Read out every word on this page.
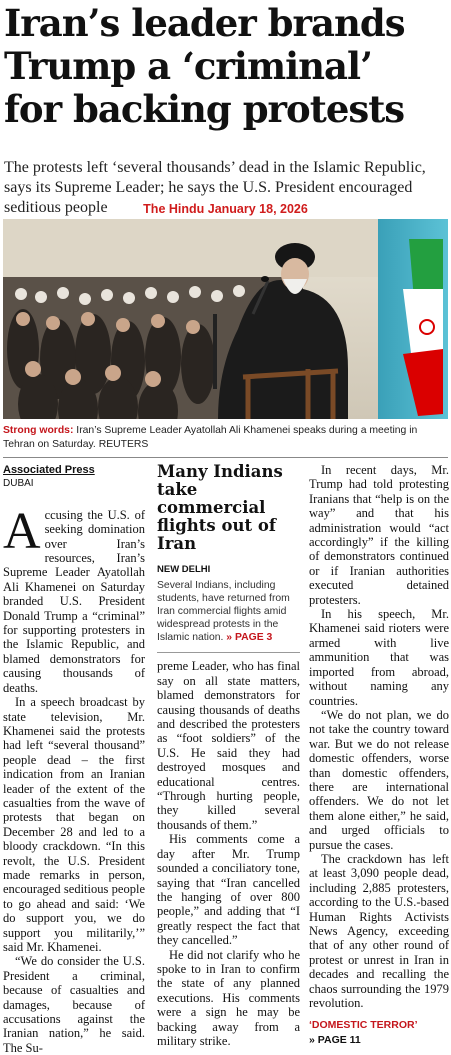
Iran’s leader brands
Trump a ‘criminal’
for backing protests
The protests left ‘several thousands’ dead in the Islamic Republic, says its Supreme Leader; he says the U.S. President encouraged seditious people	The Hindu January 18, 2026
Strong words: Iran’s Supreme Leader Ayatollah Ali Khamenei speaks during a meeting in Tehran on Saturday. REUTERS
Associated Press
DUBAI

Accusing the U.S. of seeking domination over Iran’s resources, Iran’s Supreme Leader Ayatollah Ali Khamenei on Saturday branded U.S. President Donald Trump a “criminal” for supporting protesters in the Islamic Republic, and blamed demonstrators for causing thousands of deaths.

In a speech broadcast by state television, Mr. Khamenei said the protests had left “several thousand” people dead – the first indication from an Iranian leader of the extent of the casualties from the wave of protests that began on December 28 and led to a bloody crackdown. “In this revolt, the U.S. President made remarks in person, encouraged seditious people to go ahead and said: ‘We do support you, we do support you militarily,’” said Mr. Khamenei.

“We do consider the U.S. President a criminal, because of casualties and damages, because of accusations against the Iranian nation,” he said. The Su-

Many Indians take commercial flights out of Iran
NEW DELHI
Several Indians, including students, have returned from Iran commercial flights amid widespread protests in the Islamic nation. » PAGE 3

preme Leader, who has final say on all state matters, blamed demonstrators for causing thousands of deaths and described the protesters as “foot soldiers” of the U.S. He said they had destroyed mosques and educational centres. “Through hurting people, they killed several thousands of them.”

His comments come a day after Mr. Trump sounded a conciliatory tone, saying that “Iran cancelled the hanging of over 800 people,” and adding that “I greatly respect the fact that they cancelled.”

He did not clarify who he spoke to in Iran to confirm the state of any planned executions. His comments were a sign he may be backing away from a military strike.

In recent days, Mr. Trump had told protesting Iranians that “help is on the way” and that his administration would “act accordingly” if the killing of demonstrators continued or if Iranian authorities executed detained protesters.

In his speech, Mr. Khamenei said rioters were armed with live ammunition that was imported from abroad, without naming any countries.

“We do not plan, we do not take the country toward war. But we do not release domestic offenders, worse than domestic offenders, there are international offenders. We do not let them alone either,” he said, and urged officials to pursue the cases.

The crackdown has left at least 3,090 people dead, including 2,885 protesters, according to the U.S.-based Human Rights Activists News Agency, exceeding that of any other round of protest or unrest in Iran in decades and recalling the chaos surrounding the 1979 revolution.

‘DOMESTIC TERROR’
» PAGE 11
